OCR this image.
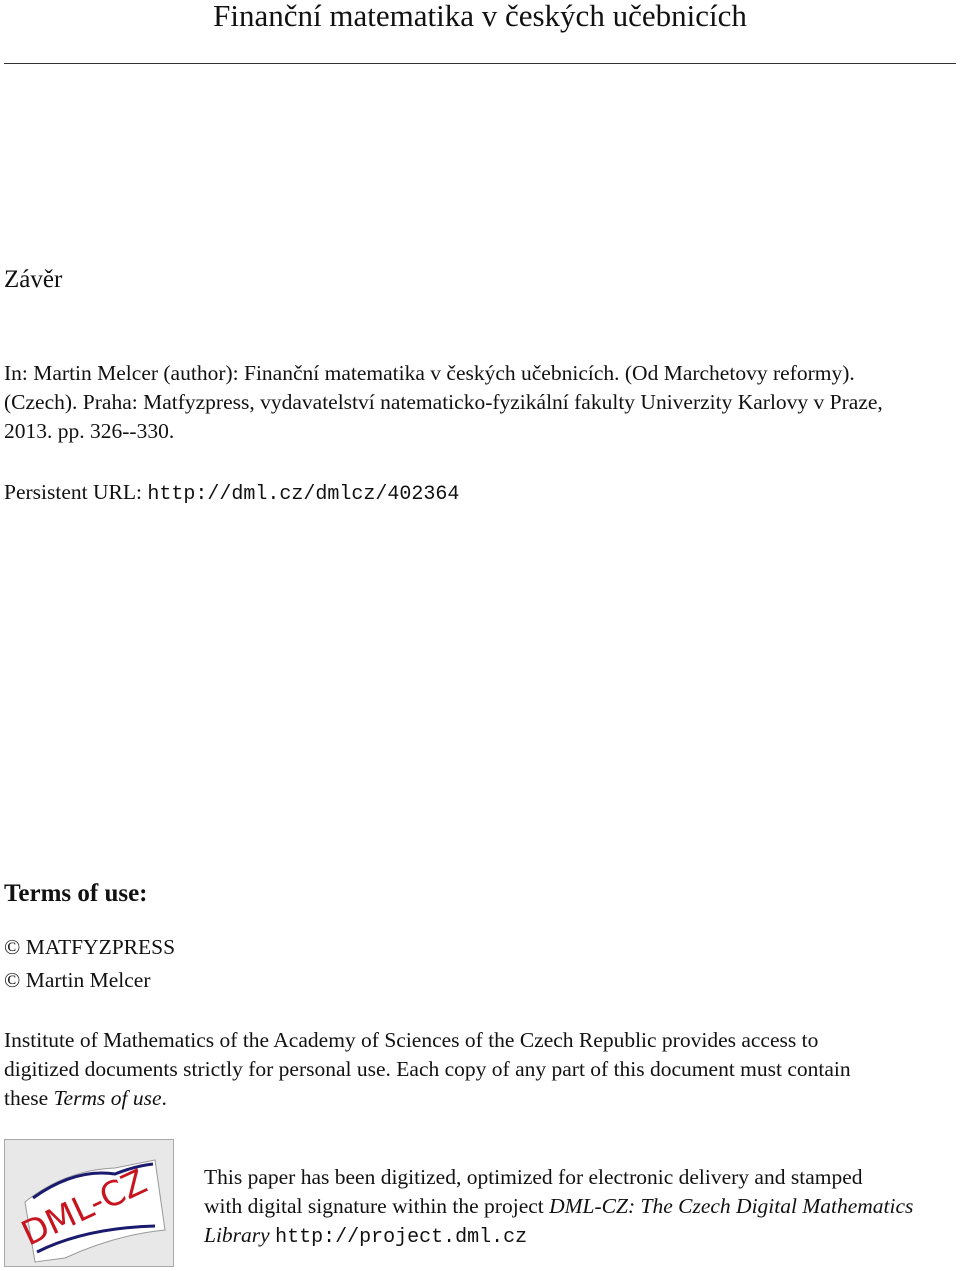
Finanční matematika v českých učebnicích
Závěr
In: Martin Melcer (author): Finanční matematika v českých učebnicích. (Od Marchetovy reformy).
(Czech). Praha: Matfyzpress, vydavatelství natematicko-fyzikální fakulty Univerzity Karlovy v Praze,
2013. pp. 326--330.
Persistent URL: http://dml.cz/dmlcz/402364
Terms of use:
© MATFYZPRESS
© Martin Melcer
Institute of Mathematics of the Academy of Sciences of the Czech Republic provides access to
digitized documents strictly for personal use. Each copy of any part of this document must contain
these Terms of use.
DML-CZ This paper has been digitized, optimized for electronic delivery and stamped
with digital signature within the project DML-CZ: The Czech Digital Mathematics
Library http://project.dml.cz
